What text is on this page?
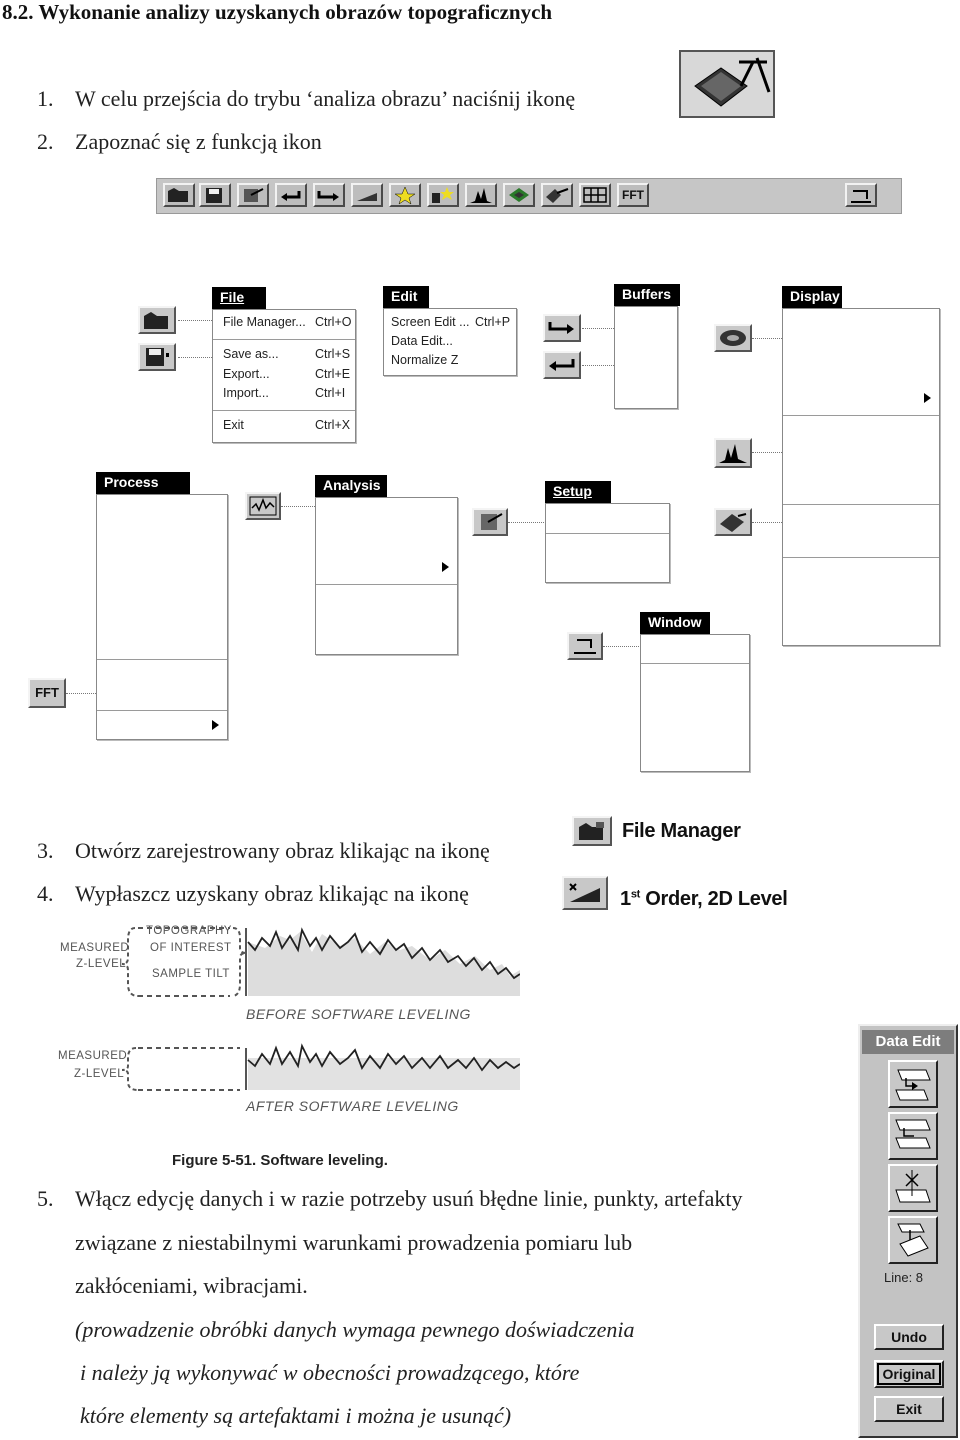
8.2. Wykonanie analizy uzyskanych obrazów topograficznych
1. W celu przejścia do trybu ‘analiza obrazu’ naciśnij ikonę
2. Zapoznać się z funkcją ikon
FFT
File
File Manager... Ctrl+O
Save as...	Ctrl+S
Export...	Ctrl+E
Import...	Ctrl+I
Exit	Ctrl+X
Edit
Screen Edit ... Ctrl+P
Data Edit...
Normalize Z
Buffers	Display
Process
FFT
Analysis	Setup
Window
3. Otwórz zarejestrowany obraz klikając na ikonę
File Manager
4. Wypłaszcz uzyskany obraz klikając na ikonę	1st Order, 2D Level
MEASURED
Z-LEVEL
TOPOGRAPHY
OF INTEREST
SAMPLE TILT
BEFORE SOFTWARE LEVELING
MEASURED
Z-LEVEL
AFTER SOFTWARE LEVELING
Figure 5-51. Software leveling.
5. Włącz edycję danych i w razie potrzeby usuń błędne linie, punkty, artefakty
związane z niestabilnymi warunkami prowadzenia pomiaru lub
zakłóceniami, wibracjami.
(prowadzenie obróbki danych wymaga pewnego doświadczenia
i należy ją wykonywać w obecności prowadzącego, które
które elementy są artefaktami i można je usunąć)
Data Edit
Line: 8
Undo
Original
Exit
